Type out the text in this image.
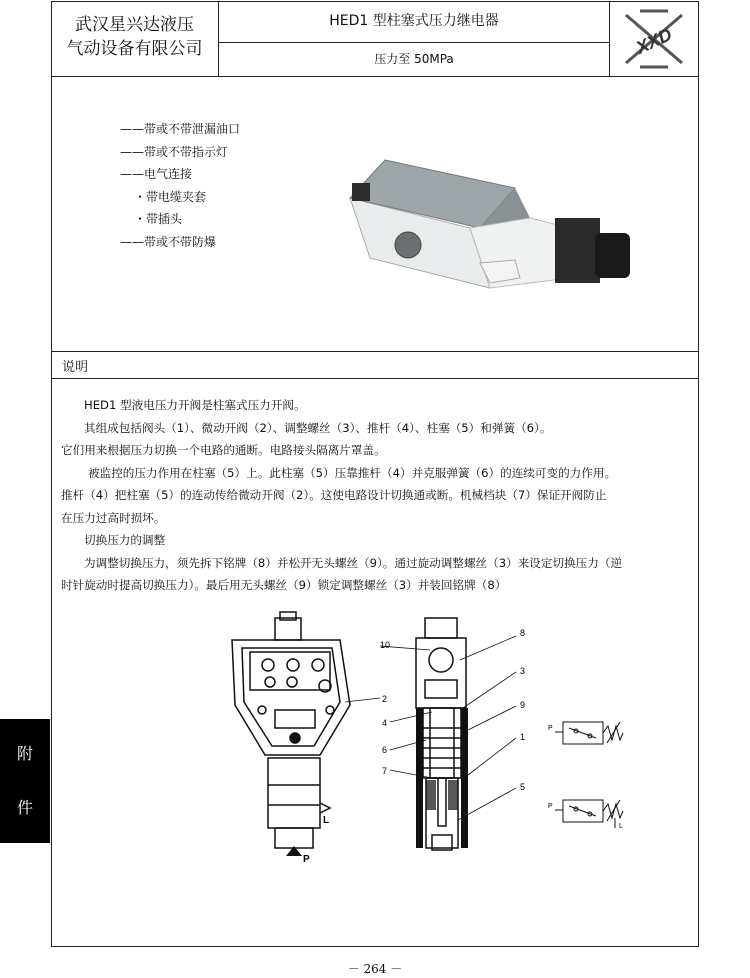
武汉星兴达液压
气动设备有限公司
HED1 型柱塞式压力继电器
压力至 50MPa
XXD
——带或不带泄漏油口
——带或不带指示灯
——电气连接
・带电缆夹套
・带插头
——带或不带防爆
说明

HED1 型液电压力开阀是柱塞式压力开阀。

其组成包括阀头（1）、微动开阀（2）、调整螺丝（3）、推杆（4）、柱塞（5）和弹簧（6）。

它们用来根据压力切换一个电路的通断。电路接头隔离片罩盖。

被监控的压力作用在柱塞（5）上。此柱塞（5）压靠推杆（4）并克服弹簧（6）的连续可变的力作用。

推杆（4）把柱塞（5）的连动传给微动开阀（2）。这使电路设计切换通或断。机械档块（7）保证开阀防止

在压力过高时损坏。

切换压力的调整

为调整切换压力，须先拆下铭牌（8）并松开无头螺丝（9）。通过旋动调整螺丝（3）来设定切换压力（逆

时针旋动时提高切换压力）。最后用无头螺丝（9）锁定调整螺丝（3）并装回铭牌（8）

P
L
10
2
4
6
7
8
3
9
1
5
P
P
L
附
件
－ 264 －
